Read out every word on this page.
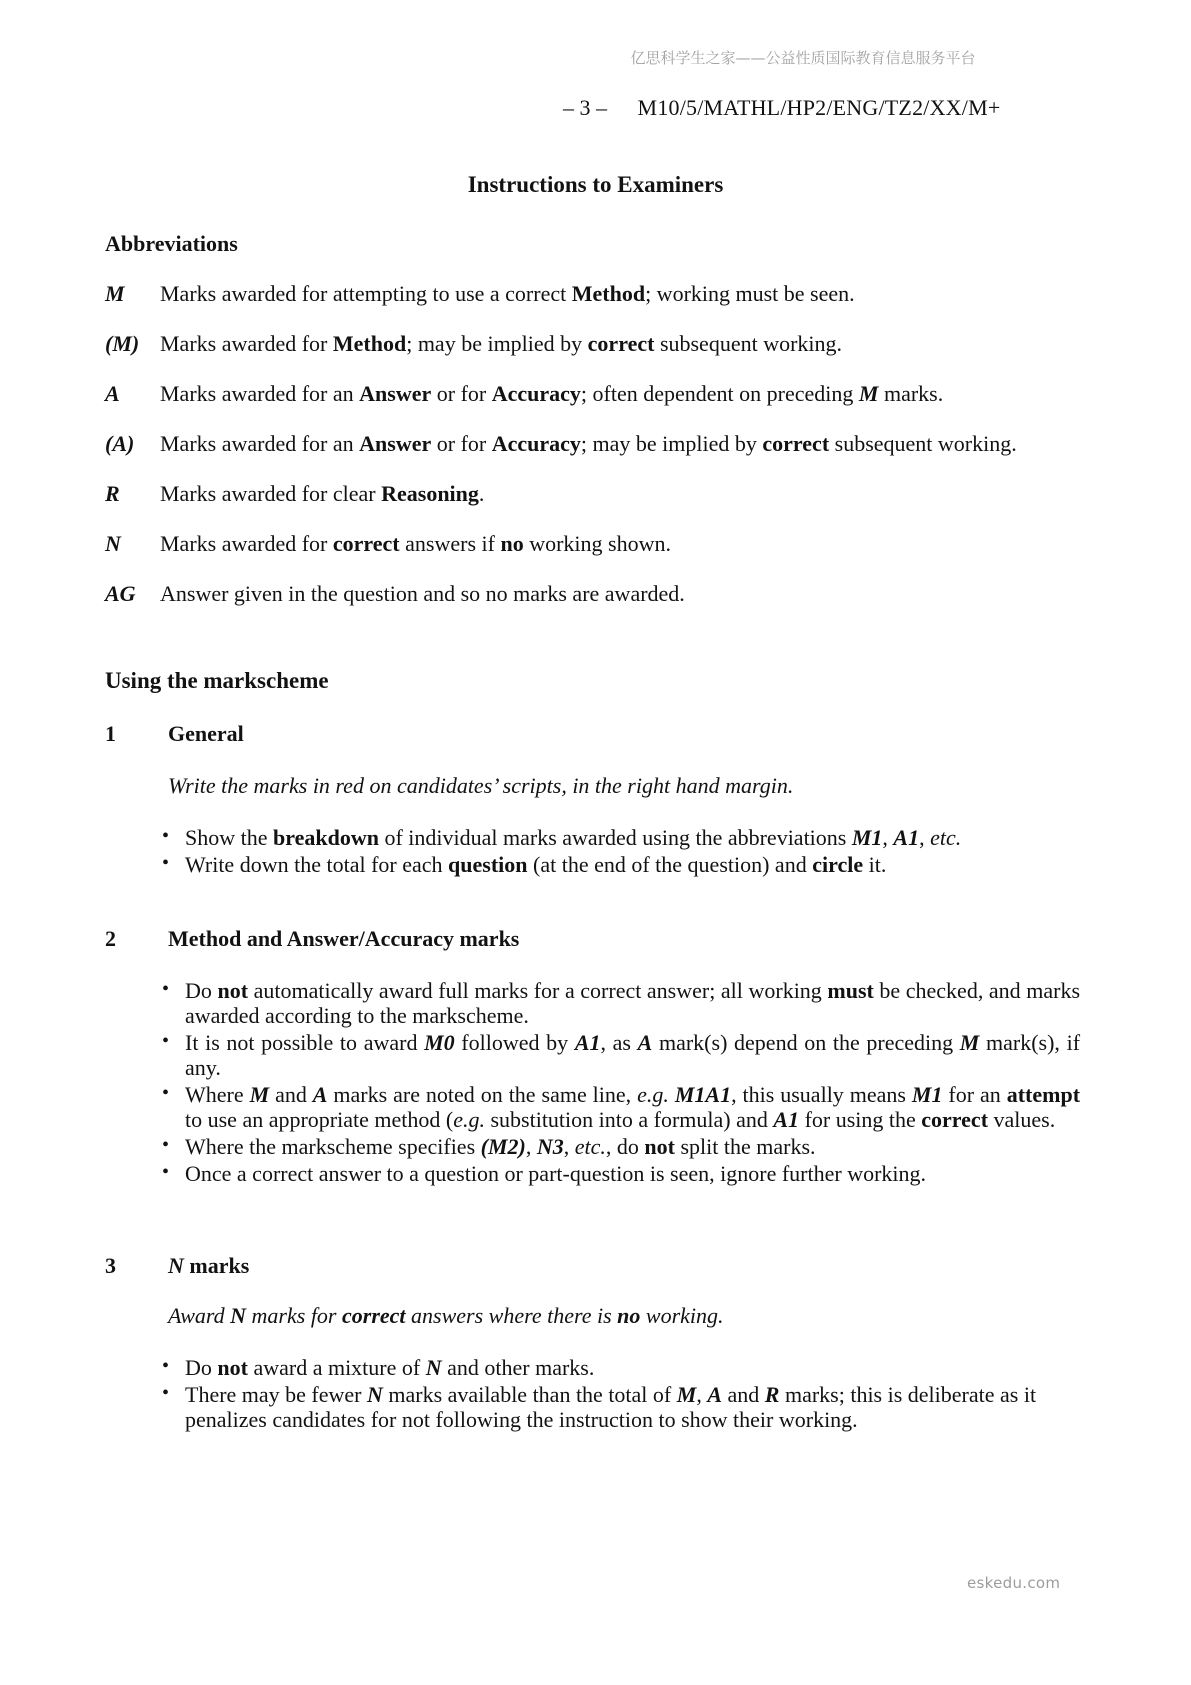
亿思科学生之家——公益性质国际教育信息服务平台
– 3 – M10/5/MATHL/HP2/ENG/TZ2/XX/M+
Instructions to Examiners
Abbreviations
M	Marks awarded for attempting to use a correct Method; working must be seen.
(M) Marks awarded for Method; may be implied by correct subsequent working.
A	Marks awarded for an Answer or for Accuracy; often dependent on preceding M marks.
(A)	Marks awarded for an Answer or for Accuracy; may be implied by correct subsequent working.
R	Marks awarded for clear Reasoning.
N	Marks awarded for correct answers if no working shown.
AG	Answer given in the question and so no marks are awarded.
Using the markscheme
1	General
Write the marks in red on candidates’ scripts, in the right hand margin.
• Show the breakdown of individual marks awarded using the abbreviations M1, A1, etc.
• Write down the total for each question (at the end of the question) and circle it.
2	Method and Answer/Accuracy marks
• Do not automatically award full marks for a correct answer; all working must be checked, and marks awarded according to the markscheme.
• It is not possible to award M0 followed by A1, as A mark(s) depend on the preceding M mark(s), if any.
• Where M and A marks are noted on the same line, e.g. M1A1, this usually means M1 for an attempt to use an appropriate method (e.g. substitution into a formula) and A1 for using the correct values.
• Where the markscheme specifies (M2), N3, etc., do not split the marks.
• Once a correct answer to a question or part-question is seen, ignore further working.
3	N marks
Award N marks for correct answers where there is no working.
• Do not award a mixture of N and other marks.
• There may be fewer N marks available than the total of M, A and R marks; this is deliberate as it penalizes candidates for not following the instruction to show their working.
eskedu.com
